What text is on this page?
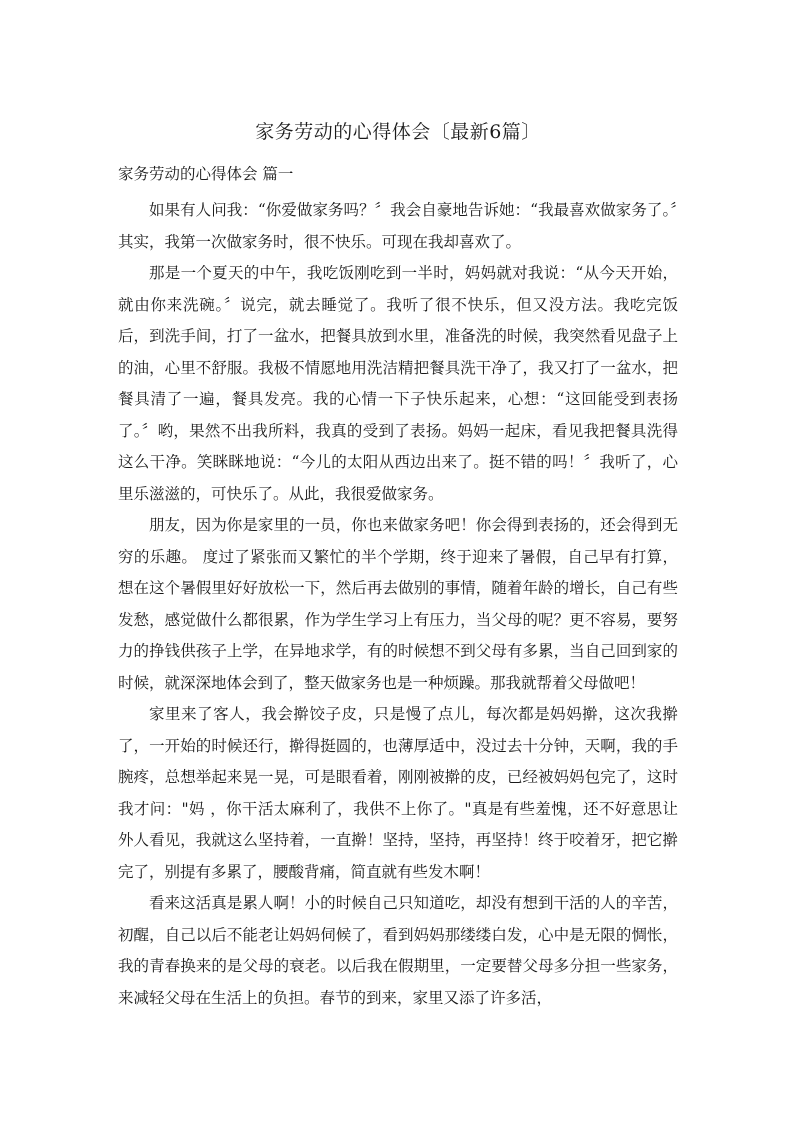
家务劳动的心得体会〔最新6篇〕
家务劳动的心得体会 篇一

如果有人问我：“你爱做家务吗？〞我会自豪地告诉她：“我最喜欢做家务了。〞其实，我第一次做家务时，很不快乐。可现在我却喜欢了。

那是一个夏天的中午，我吃饭刚吃到一半时，妈妈就对我说：“从今天开始，就由你来洗碗。〞说完，就去睡觉了。我听了很不快乐，但又没方法。我吃完饭后，到洗手间，打了一盆水，把餐具放到水里，准备洗的时候，我突然看见盘子上的油，心里不舒服。我极不情愿地用洗洁精把餐具洗干净了，我又打了一盆水，把餐具清了一遍，餐具发亮。我的心情一下子快乐起来，心想：“这回能受到表扬了。〞哟，果然不出我所料，我真的受到了表扬。妈妈一起床，看见我把餐具洗得这么干净。笑眯眯地说：“今儿的太阳从西边出来了。挺不错的吗！〞我听了，心里乐滋滋的，可快乐了。从此，我很爱做家务。

朋友，因为你是家里的一员，你也来做家务吧！你会得到表扬的，还会得到无穷的乐趣。 度过了紧张而又繁忙的半个学期，终于迎来了暑假，自己早有打算，想在这个暑假里好好放松一下，然后再去做别的事情，随着年龄的增长，自己有些发愁，感觉做什么都很累，作为学生学习上有压力，当父母的呢？更不容易，要努力的挣钱供孩子上学，在异地求学，有的时候想不到父母有多累，当自己回到家的时候，就深深地体会到了，整天做家务也是一种烦躁。那我就帮着父母做吧！

家里来了客人，我会擀饺子皮，只是慢了点儿，每次都是妈妈擀，这次我擀了，一开始的时候还行，擀得挺圆的，也薄厚适中，没过去十分钟，天啊，我的手腕疼，总想举起来晃一晃，可是眼看着，刚刚被擀的皮，已经被妈妈包完了，这时我才问："妈 ，你干活太麻利了，我供不上你了。"真是有些羞愧，还不好意思让外人看见，我就这么坚持着，一直擀！坚持，坚持，再坚持！终于咬着牙，把它擀完了，别提有多累了，腰酸背痛，简直就有些发木啊！

看来这活真是累人啊！小的时候自己只知道吃，却没有想到干活的人的辛苦，初醒，自己以后不能老让妈妈伺候了，看到妈妈那缕缕白发，心中是无限的惆怅，我的青春换来的是父母的衰老。以后我在假期里，一定要替父母多分担一些家务，来减轻父母在生活上的负担。春节的到来，家里又添了许多活，
